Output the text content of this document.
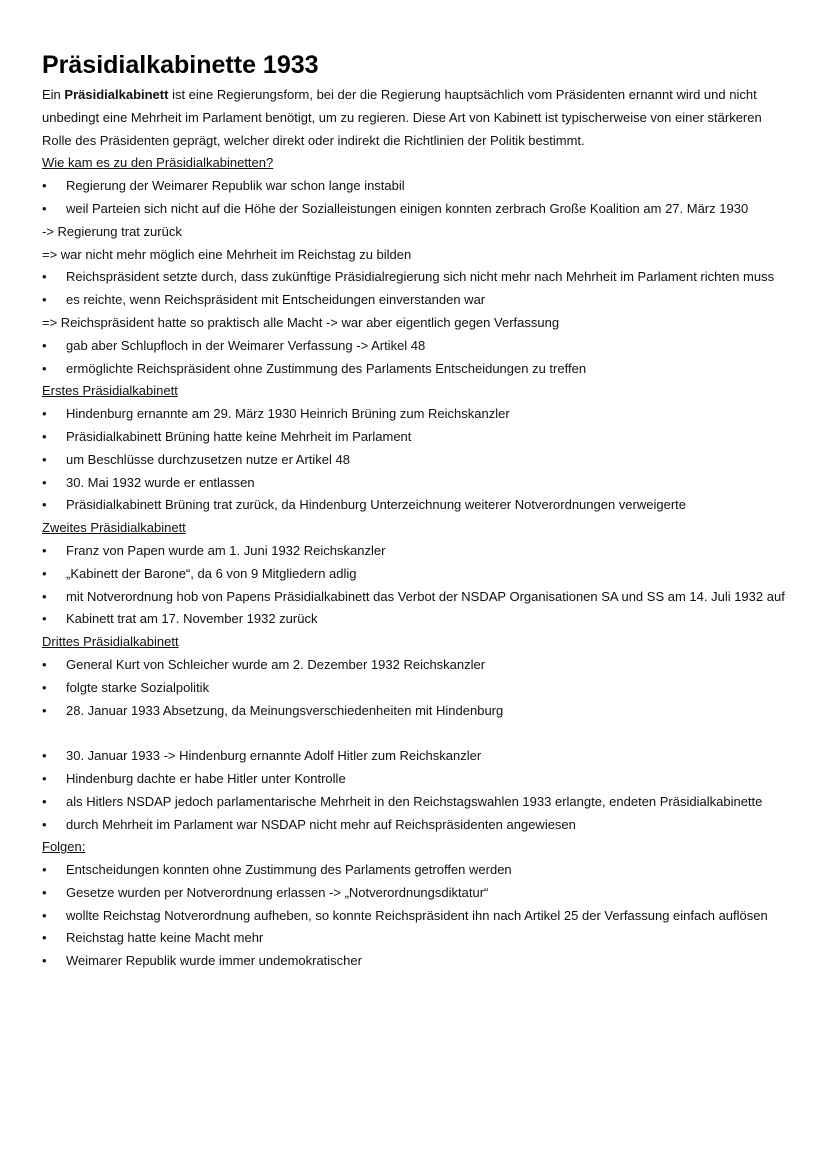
Präsidialkabinette 1933

Ein Präsidialkabinett ist eine Regierungsform, bei der die Regierung hauptsächlich vom Präsidenten ernannt wird und nicht unbedingt eine Mehrheit im Parlament benötigt, um zu regieren. Diese Art von Kabinett ist typischerweise von einer stärkeren Rolle des Präsidenten geprägt, welcher direkt oder indirekt die Richtlinien der Politik bestimmt.

Wie kam es zu den Präsidialkabinetten?
• Regierung der Weimarer Republik war schon lange instabil
• weil Parteien sich nicht auf die Höhe der Sozialleistungen einigen konnten zerbrach Große Koalition am 27. März 1930
-> Regierung trat zurück
=> war nicht mehr möglich eine Mehrheit im Reichstag zu bilden
• Reichspräsident setzte durch, dass zukünftige Präsidialregierung sich nicht mehr nach Mehrheit im Parlament richten muss
• es reichte, wenn Reichspräsident mit Entscheidungen einverstanden war
=> Reichspräsident hatte so praktisch alle Macht -> war aber eigentlich gegen Verfassung
• gab aber Schlupfloch in der Weimarer Verfassung -> Artikel 48
• ermöglichte Reichspräsident ohne Zustimmung des Parlaments Entscheidungen zu treffen
Erstes Präsidialkabinett
• Hindenburg ernannte am 29. März 1930 Heinrich Brüning zum Reichskanzler
• Präsidialkabinett Brüning hatte keine Mehrheit im Parlament
• um Beschlüsse durchzusetzen nutze er Artikel 48
• 30. Mai 1932 wurde er entlassen
• Präsidialkabinett Brüning trat zurück, da Hindenburg Unterzeichnung weiterer Notverordnungen verweigerte
Zweites Präsidialkabinett
• Franz von Papen wurde am 1. Juni 1932 Reichskanzler
• „Kabinett der Barone“, da 6 von 9 Mitgliedern adlig
• mit Notverordnung hob von Papens Präsidialkabinett das Verbot der NSDAP Organisationen SA und SS am 14. Juli 1932 auf
• Kabinett trat am 17. November 1932 zurück
Drittes Präsidialkabinett
• General Kurt von Schleicher wurde am 2. Dezember 1932 Reichskanzler
• folgte starke Sozialpolitik
• 28. Januar 1933 Absetzung, da Meinungsverschiedenheiten mit Hindenburg
• 30. Januar 1933 -> Hindenburg ernannte Adolf Hitler zum Reichskanzler
• Hindenburg dachte er habe Hitler unter Kontrolle
• als Hitlers NSDAP jedoch parlamentarische Mehrheit in den Reichstagswahlen 1933 erlangte, endeten Präsidialkabinette
• durch Mehrheit im Parlament war NSDAP nicht mehr auf Reichspräsidenten angewiesen
Folgen:
• Entscheidungen konnten ohne Zustimmung des Parlaments getroffen werden
• Gesetze wurden per Notverordnung erlassen -> „Notverordnungsdiktatur“
• wollte Reichstag Notverordnung aufheben, so konnte Reichspräsident ihn nach Artikel 25 der Verfassung einfach auflösen
• Reichstag hatte keine Macht mehr
• Weimarer Republik wurde immer undemokratischer
